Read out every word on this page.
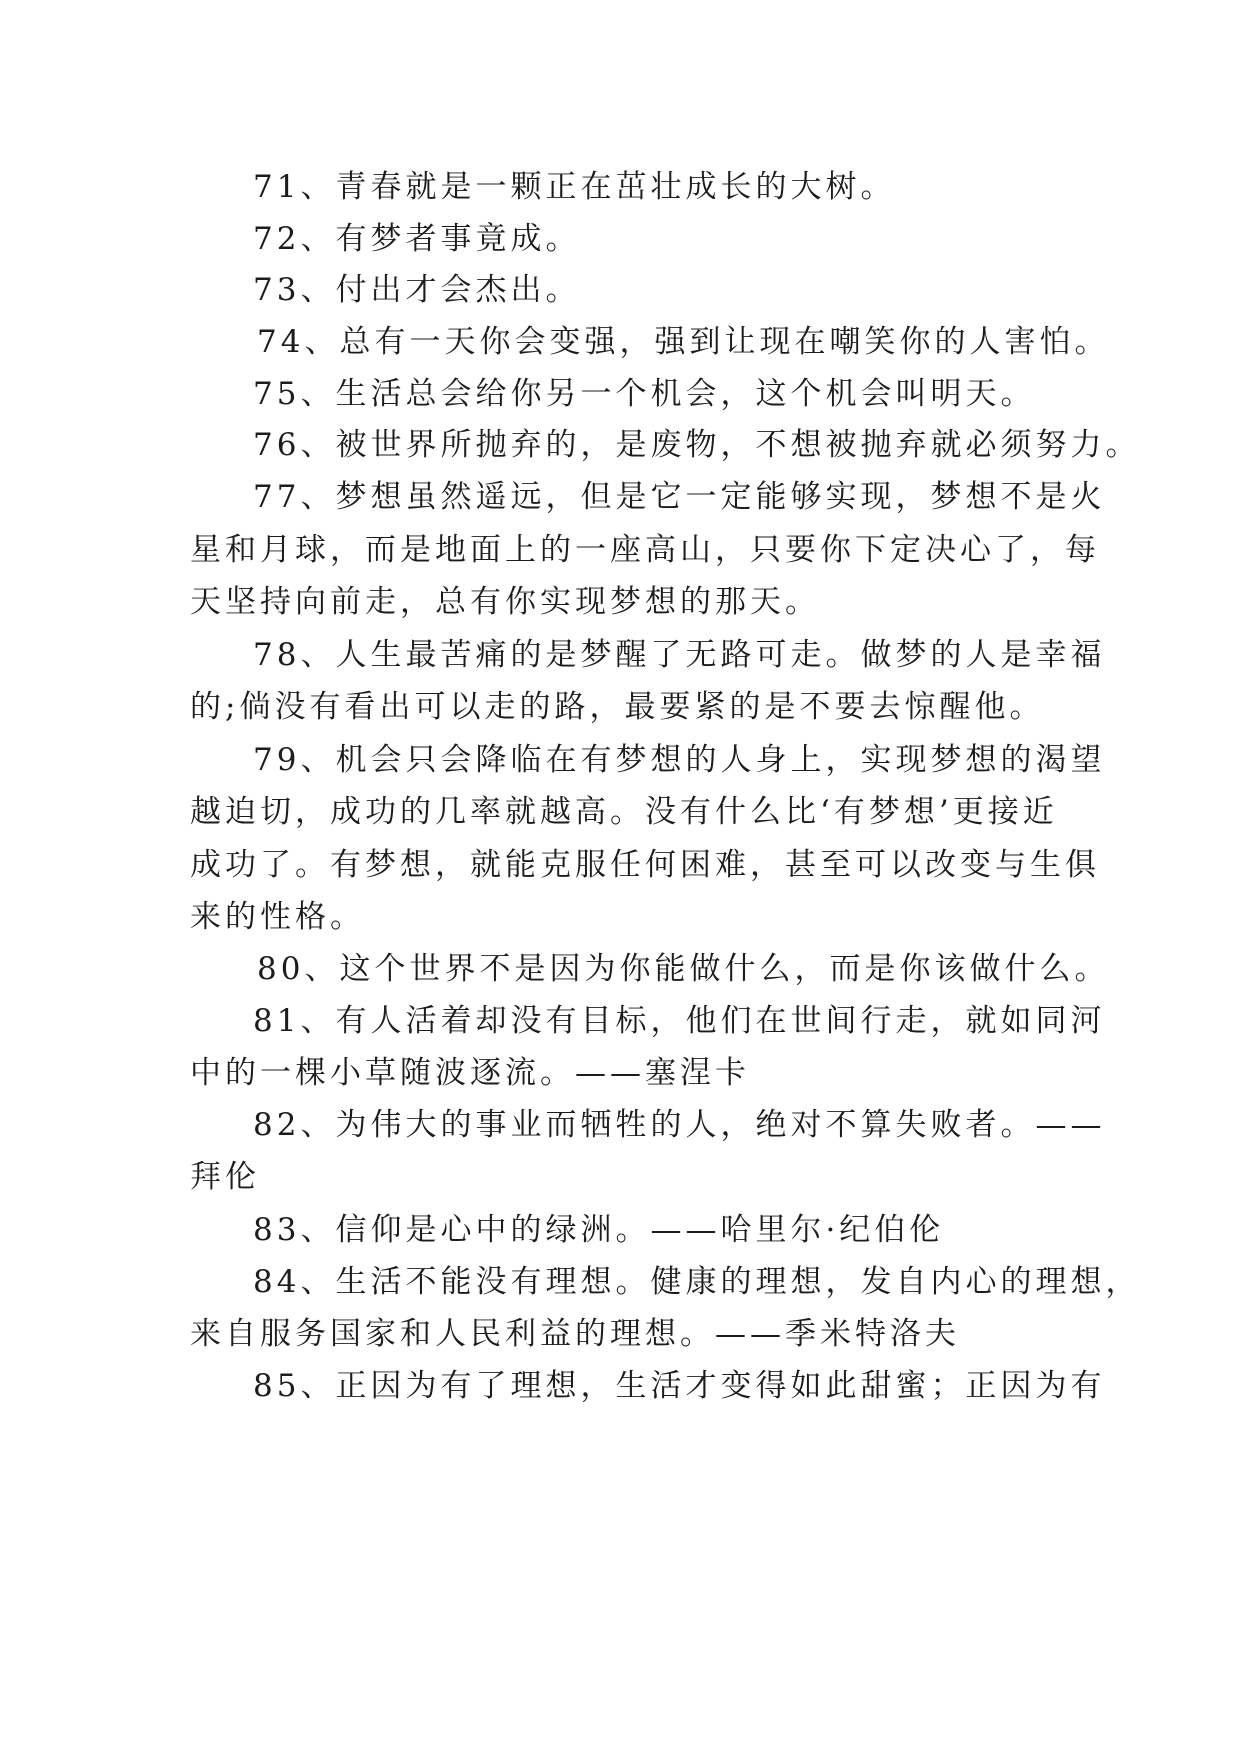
71、青春就是一颗正在茁壮成长的大树。
72、有梦者事竟成。
73、付出才会杰出。
74、总有一天你会变强，强到让现在嘲笑你的人害怕。
75、生活总会给你另一个机会，这个机会叫明天。
76、被世界所抛弃的，是废物，不想被抛弃就必须努力。
77、梦想虽然遥远，但是它一定能够实现，梦想不是火
星和月球，而是地面上的一座高山，只要你下定决心了，每
天坚持向前走，总有你实现梦想的那天。
78、人生最苦痛的是梦醒了无路可走。做梦的人是幸福
的;倘没有看出可以走的路，最要紧的是不要去惊醒他。
79、机会只会降临在有梦想的人身上，实现梦想的渴望
越迫切，成功的几率就越高。没有什么比‘有梦想’更接近
成功了。有梦想，就能克服任何困难，甚至可以改变与生俱
来的性格。
80、这个世界不是因为你能做什么，而是你该做什么。
81、有人活着却没有目标，他们在世间行走，就如同河
中的一棵小草随波逐流。——塞涅卡
82、为伟大的事业而牺牲的人，绝对不算失败者。——
拜伦
83、信仰是心中的绿洲。——哈里尔·纪伯伦
84、生活不能没有理想。健康的理想，发自内心的理想，
来自服务国家和人民利益的理想。——季米特洛夫
85、正因为有了理想，生活才变得如此甜蜜；正因为有
